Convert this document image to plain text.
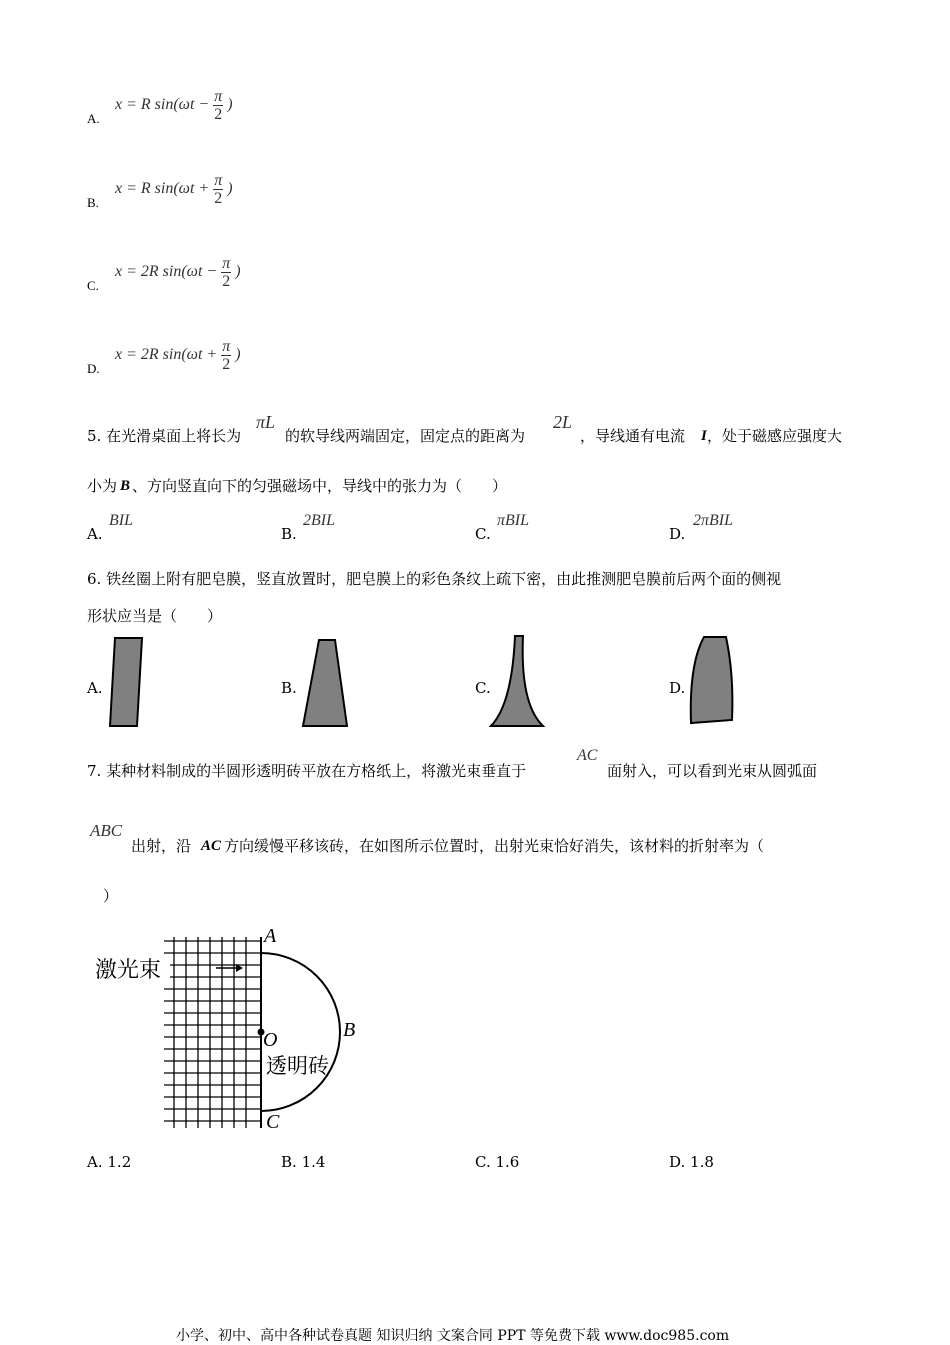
A.
x = R $\sin(\omega t - \frac{\pi}{2}$ )
B.
x = R $\sin(\omega t + \frac{\pi}{2}$ )
C.
x = 2R $\sin(\omega t - \frac{\pi}{2}$ )
D.
x = 2R $\sin(\omega t + \frac{\pi}{2}$ )
5. 在光滑桌面上将长为
πL
的软导线两端固定，固定点的距离为
2L
，导线通有电流 I ，处于磁感应强度大
小为 B 、方向竖直向下的匀强磁场中，导线中的张力为（　　）
A.
BIL
B.
2BIL
C.
πBIL
D.
2πBIL
6. 铁丝圈上附有肥皂膜，竖直放置时，肥皂膜上的彩色条纹上疏下密，由此推测肥皂膜前后两个面的侧视
形状应当是（　　）
A.	B.	C.	D.
7. 某种材料制成的半圆形透明砖平放在方格纸上，将激光束垂直于
AC
面射入，可以看到光束从圆弧面
ABC
出射，沿 AC 方向缓慢平移该砖，在如图所示位置时，出射光束恰好消失，该材料的折射率为（
）
激光束
A
B
C
O
透明砖
A. 1.2	B. 1.4	C. 1.6	D. 1.8
小学、初中、高中各种试卷真题 知识归纳 文案合同 PPT 等免费下载 www.doc985.com
